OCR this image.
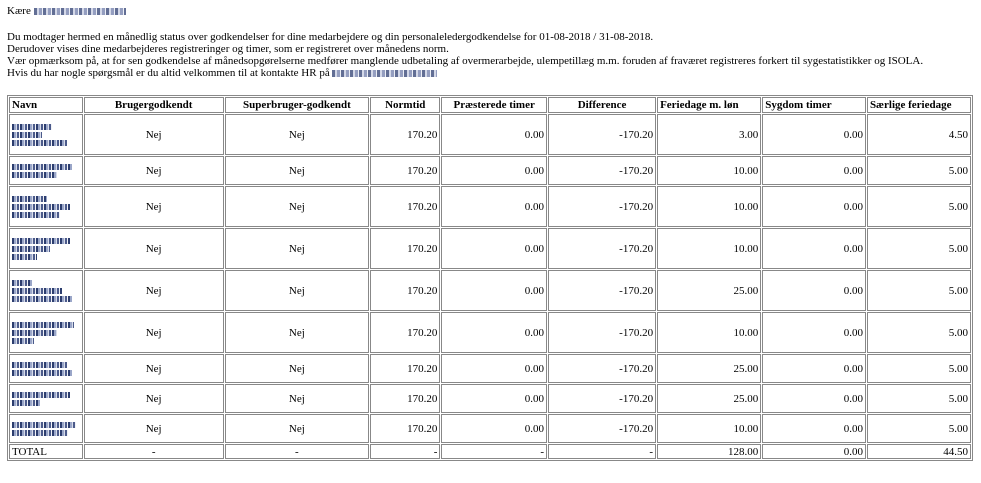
Kære

Du modtager hermed en månedlig status over godkendelser for dine medarbejdere og din personaleledergodkendelse for 01-08-2018 / 31-08-2018.

Derudover vises dine medarbejderes registreringer og timer, som er registreret over månedens norm.

Vær opmærksom på, at for sen godkendelse af månedsopgørelserne medfører manglende udbetaling af overmerarbejde, ulempetillæg m.m. foruden af fraværet registreres forkert til sygestatistikker og ISOLA.

Hvis du har nogle spørgsmål er du altid velkommen til at kontakte HR på

Navn	Brugergodkendt	Superbruger-godkendt	Normtid	Præsterede timer	Difference	Feriedage m. løn	Sygdom timer	Særlige feriedage

	Nej	Nej	170.20	0.00	-170.20	3.00	0.00	4.50

	Nej	Nej	170.20	0.00	-170.20	10.00	0.00	5.00

	Nej	Nej	170.20	0.00	-170.20	10.00	0.00	5.00

	Nej	Nej	170.20	0.00	-170.20	10.00	0.00	5.00

	Nej	Nej	170.20	0.00	-170.20	25.00	0.00	5.00

	Nej	Nej	170.20	0.00	-170.20	10.00	0.00	5.00

	Nej	Nej	170.20	0.00	-170.20	25.00	0.00	5.00

	Nej	Nej	170.20	0.00	-170.20	25.00	0.00	5.00

	Nej	Nej	170.20	0.00	-170.20	10.00	0.00	5.00
TOTAL	-	-	-	-	-	128.00	0.00	44.50
